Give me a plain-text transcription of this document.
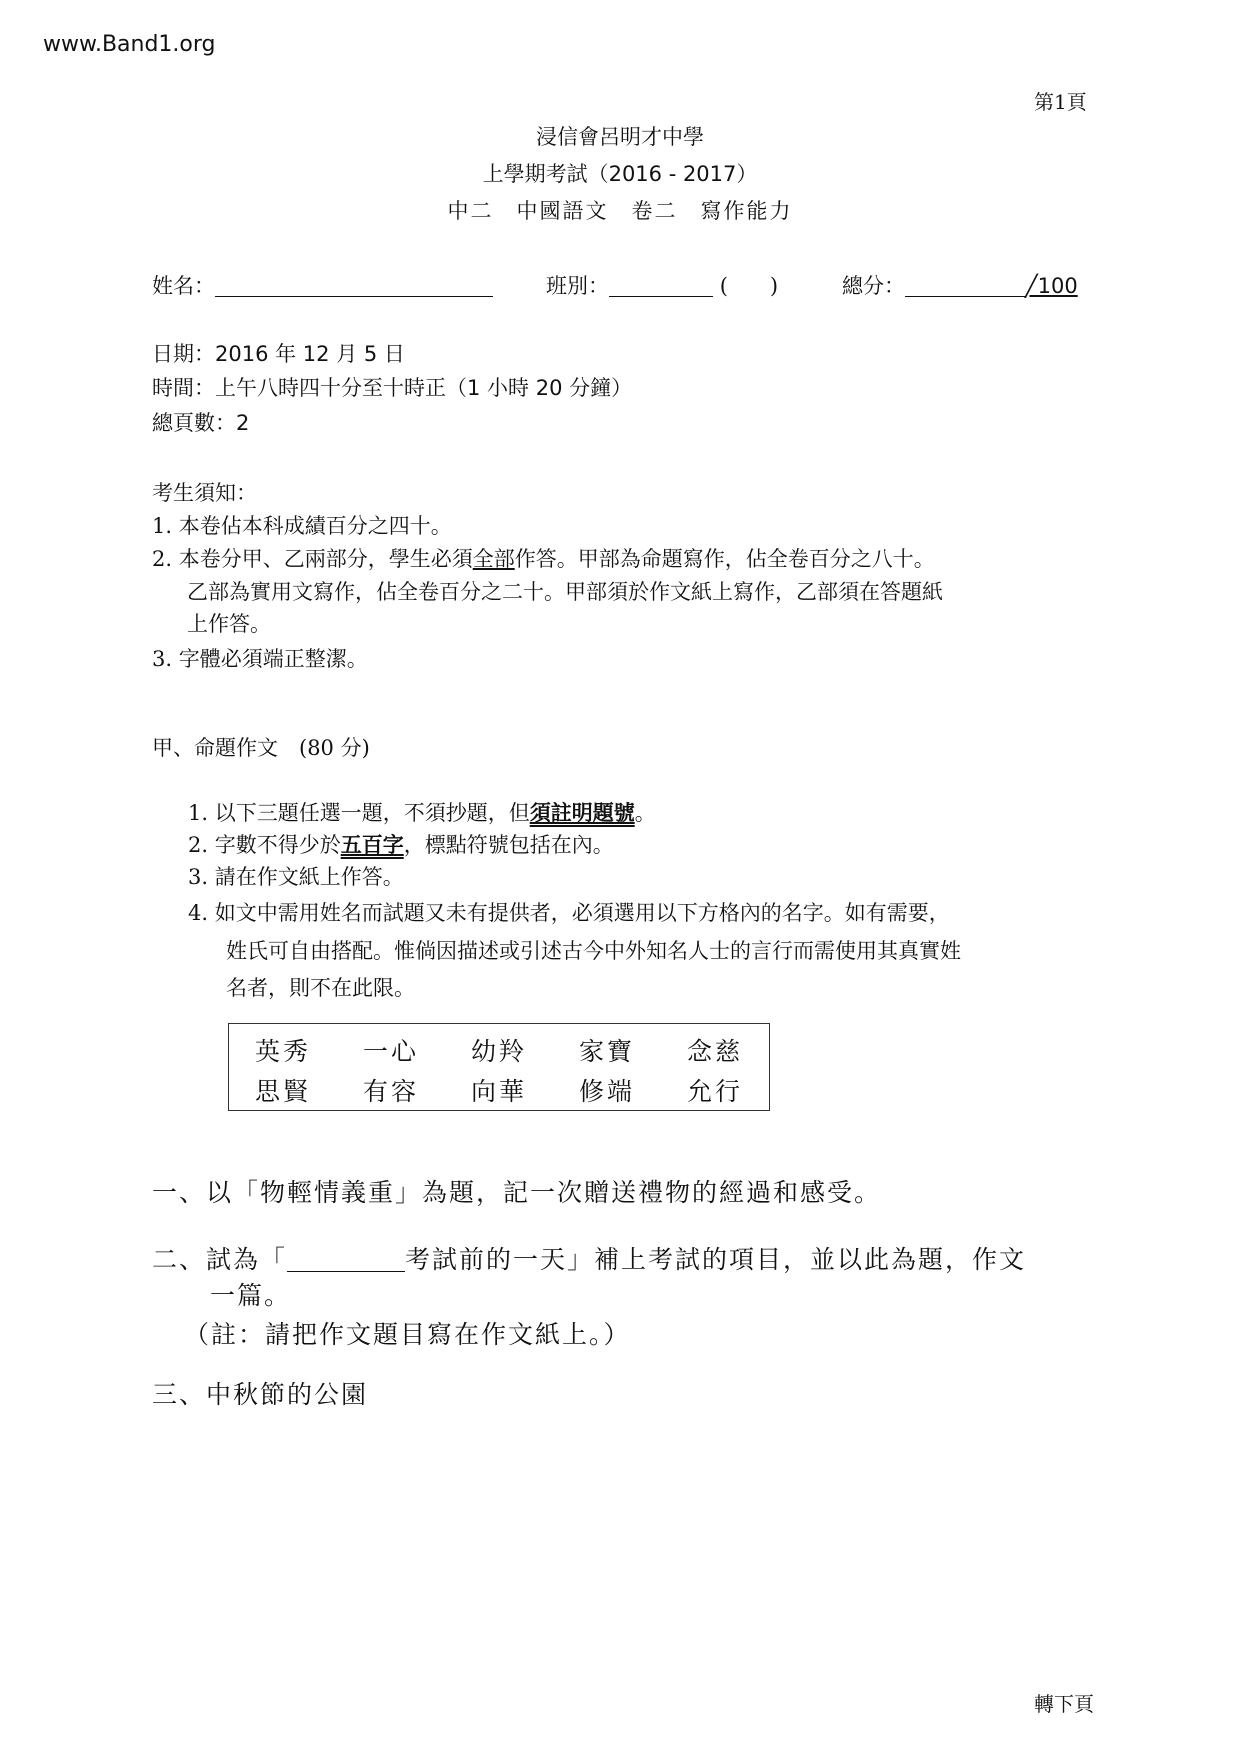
www.Band1.org
第1頁
浸信會呂明才中學
上學期考試（2016 - 2017）
中二　中國語文　卷二　寫作能力
姓名：	班別：	(　　)	總分：	╱100
日期：2016 年 12 月 5 日
時間：上午八時四十分至十時正（1 小時 20 分鐘）
總頁數：2
考生須知：
1. 本卷佔本科成績百分之四十。
2. 本卷分甲、乙兩部分，學生必須全部作答。甲部為命題寫作，佔全卷百分之八十。
乙部為實用文寫作，佔全卷百分之二十。甲部須於作文紙上寫作，乙部須在答題紙
上作答。
3. 字體必須端正整潔。
甲、命題作文　(80 分)
1. 以下三題任選一題，不須抄題，但須註明題號。
2. 字數不得少於五百字，標點符號包括在內。
3. 請在作文紙上作答。
4. 如文中需用姓名而試題又未有提供者，必須選用以下方格內的名字。如有需要，
姓氏可自由搭配。惟倘因描述或引述古今中外知名人士的言行而需使用其真實姓
名者，則不在此限。
英秀	一心	幼羚	家寶	念慈
思賢	有容	向華	修端	允行
一、以「物輕情義重」為題，記一次贈送禮物的經過和感受。
二、試為「	考試前的一天」補上考試的項目，並以此為題，作文
一篇。
（註：請把作文題目寫在作文紙上。）
三、中秋節的公園
轉下頁
